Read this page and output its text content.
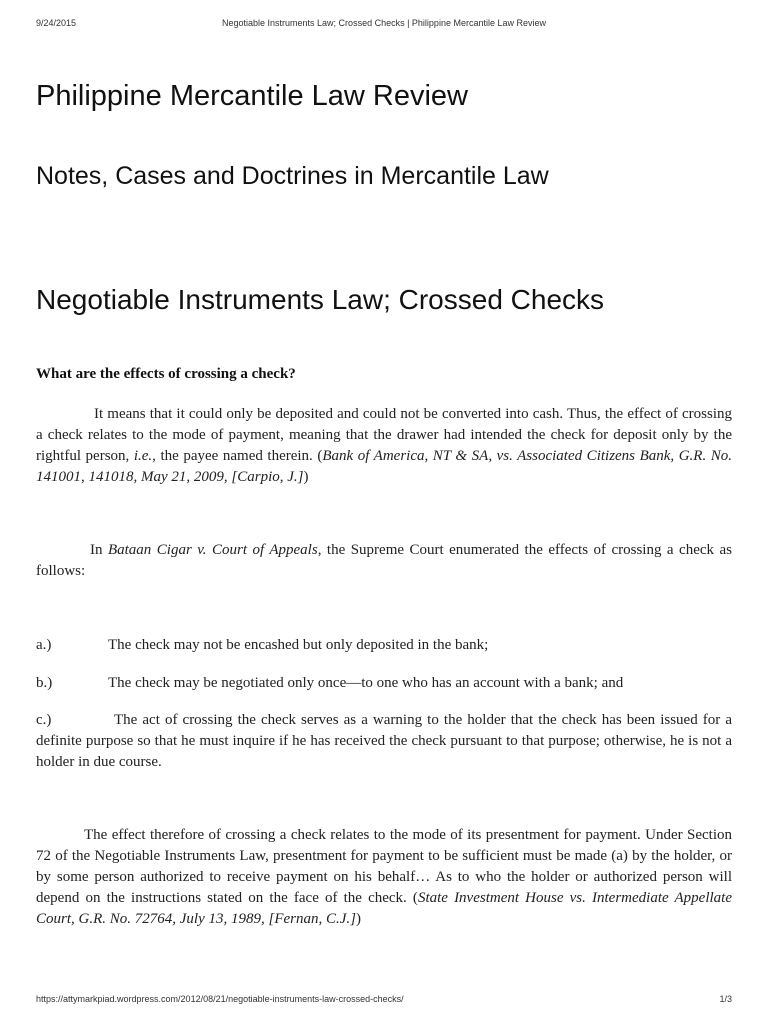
9/24/2015	Negotiable Instruments Law; Crossed Checks | Philippine Mercantile Law Review
Philippine Mercantile Law Review
Notes, Cases and Doctrines in Mercantile Law
Negotiable Instruments Law; Crossed Checks

What are the effects of crossing a check?

It means that it could only be deposited and could not be converted into cash. Thus, the effect of crossing a check relates to the mode of payment, meaning that the drawer had intended the check for deposit only by the rightful person, i.e., the payee named therein. (Bank of America, NT & SA, vs. Associated Citizens Bank, G.R. No. 141001, 141018, May 21, 2009, [Carpio, J.])

In Bataan Cigar v. Court of Appeals, the Supreme Court enumerated the effects of crossing a check as follows:

a.)	The check may not be encashed but only deposited in the bank;

b.)	The check may be negotiated only once—to one who has an account with a bank; and

c.)	The act of crossing the check serves as a warning to the holder that the check has been issued for a definite purpose so that he must inquire if he has received the check pursuant to that purpose; otherwise, he is not a holder in due course.

The effect therefore of crossing a check relates to the mode of its presentment for payment. Under Section 72 of the Negotiable Instruments Law, presentment for payment to be sufficient must be made (a) by the holder, or by some person authorized to receive payment on his behalf… As to who the holder or authorized person will depend on the instructions stated on the face of the check. (State Investment House vs. Intermediate Appellate Court, G.R. No. 72764, July 13, 1989, [Fernan, C.J.])

https://attymarkpiad.wordpress.com/2012/08/21/negotiable-instruments-law-crossed-checks/	1/3
